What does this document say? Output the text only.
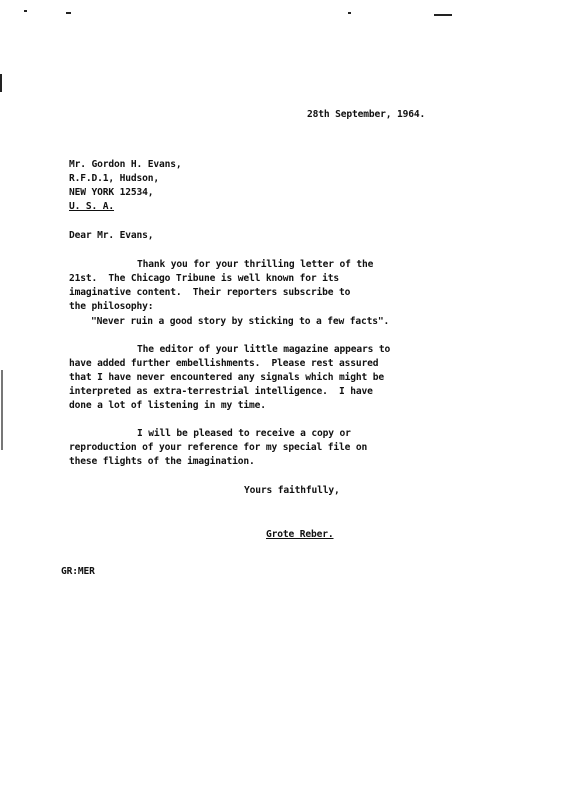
28th September, 1964.
Mr. Gordon H. Evans,
R.F.D.1, Hudson,
NEW YORK 12534,
U. S. A.
Dear Mr. Evans,
Thank you for your thrilling letter of the
21st.  The Chicago Tribune is well known for its
imaginative content.  Their reporters subscribe to
the philosophy:
"Never ruin a good story by sticking to a few facts".
The editor of your little magazine appears to
have added further embellishments.  Please rest assured
that I have never encountered any signals which might be
interpreted as extra-terrestrial intelligence.  I have
done a lot of listening in my time.
I will be pleased to receive a copy or
reproduction of your reference for my special file on
these flights of the imagination.
Yours faithfully,
Grote Reber.
GR:MER
